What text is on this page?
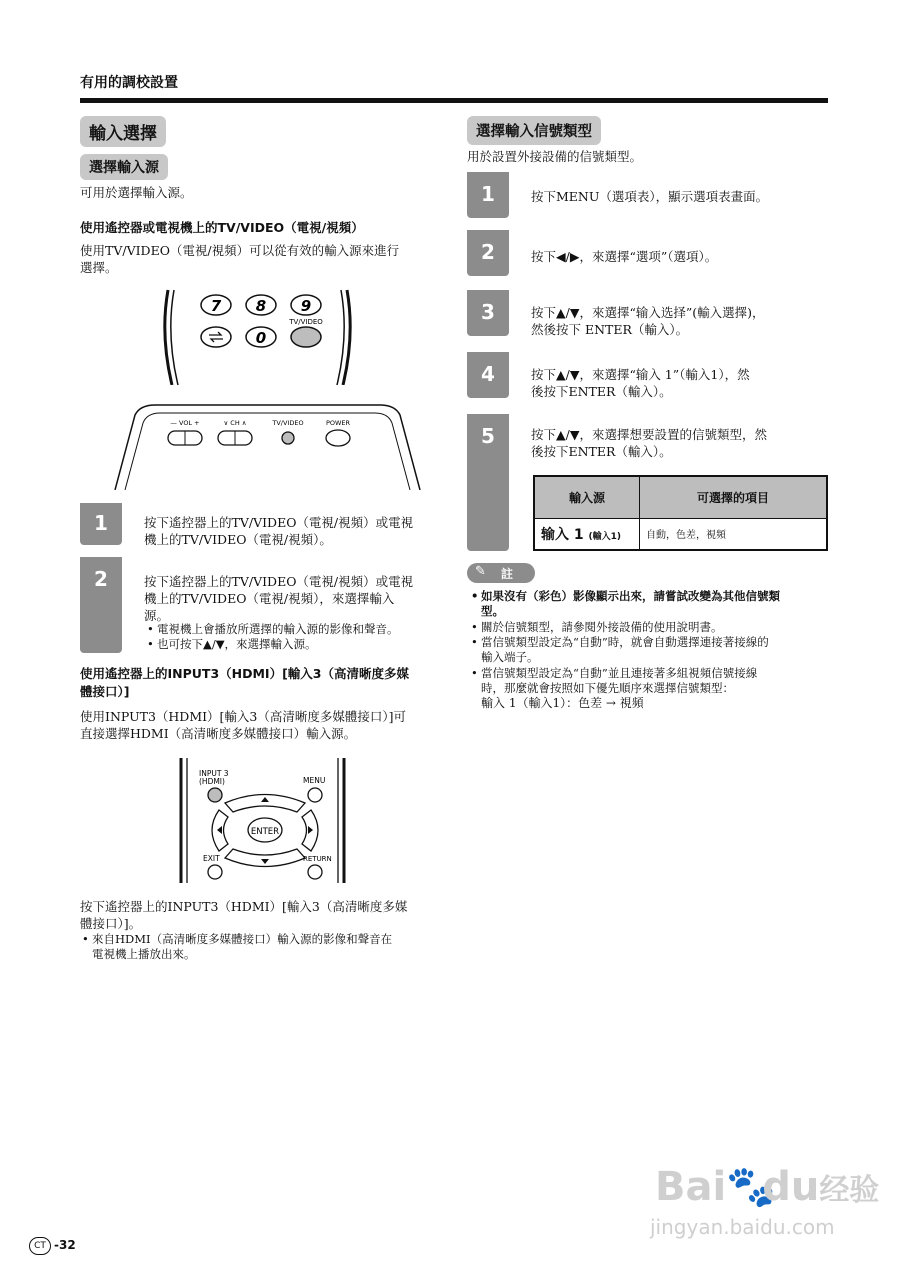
有用的調校設置
輸入選擇
選擇輸入源
可用於選擇輸入源。
使用遙控器或電視機上的TV/VIDEO（電視/視頻）
使用TV/VIDEO（電視/視頻）可以從有效的輸入源來進行
選擇。
7 8 9
0
TV/VIDEO
— VOL +	∨ CH ∧	TV/VIDEO	POWER
1	按下遙控器上的TV/VIDEO（電視/視頻）或電視
機上的TV/VIDEO（電視/視頻）。
2	按下遙控器上的TV/VIDEO（電視/視頻）或電視
機上的TV/VIDEO（電視/視頻），來選擇輸入
源。
• 電視機上會播放所選擇的輸入源的影像和聲音。
• 也可按下▲/▼，來選擇輸入源。
使用遙控器上的INPUT3（HDMI）[輸入3（高清晰度多媒
體接口）]
使用INPUT3（HDMI）[輸入3（高清晰度多媒體接口）]可
直接選擇HDMI（高清晰度多媒體接口）輸入源。
INPUT 3
(HDMI)	MENU
ENTER
EXIT	RETURN
按下遙控器上的INPUT3（HDMI）[輸入3（高清晰度多媒
體接口）]。
• 來自HDMI（高清晰度多媒體接口）輸入源的影像和聲音在
電視機上播放出來。
選擇輸入信號類型
用於設置外接設備的信號類型。
1	按下MENU（選項表），顯示選項表畫面。
2	按下◀/▶，來選擇“選项”（選項）。
3	按下▲/▼，來選擇“输入选择”(輸入選擇)，
然後按下 ENTER（輸入）。
4	按下▲/▼，來選擇“输入 1”（輸入1），然
後按下ENTER（輸入）。
5	按下▲/▼，來選擇想要設置的信號類型，然
後按下ENTER（輸入）。
輸入源	可選擇的項目
输入 1 (輸入1)	自動，色差，視頻
✎ 註
• 如果沒有（彩色）影像顯示出來，請嘗試改變為其他信號類
型。
• 關於信號類型，請參閱外接設備的使用說明書。
• 當信號類型設定為“自動”時，就會自動選擇連接著接線的
輸入端子。
• 當信號類型設定為“自動”並且連接著多組視頻信號接線
時，那麼就會按照如下優先順序來選擇信號類型：
輸入 1（輸入1）：色差 → 視頻
CT -32
Bai🐾du经验
jingyan.baidu.com
